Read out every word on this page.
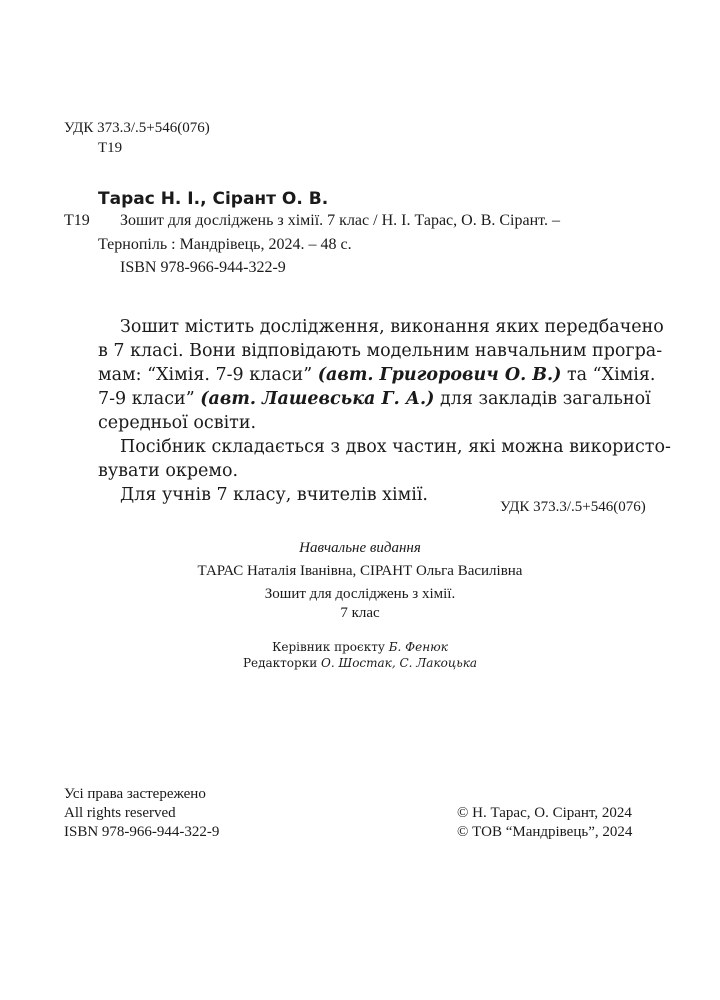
УДК 373.3/.5+546(076)
Т19
Тарас Н. І., Сірант О. В.
Т19 Зошит для досліджень з хімії. 7 клас / Н. І. Тарас, О. В. Сірант. –
Тернопіль : Мандрівець, 2024. – 48 с.
ISBN 978-966-944-322-9
Зошит містить дослідження, виконання яких передбачено
в 7 класі. Вони відповідають модельним навчальним програ-
мам: “Хімія. 7-9 класи” (авт. Григорович О. В.) та “Хімія.
7-9 класи” (авт. Лашевська Г. А.) для закладів загальної
середньої освіти.
Посібник складається з двох частин, які можна використо-
вувати окремо.
Для учнів 7 класу, вчителів хімії.
УДК 373.3/.5+546(076)
Навчальне видання
ТАРАС Наталія Іванівна, СІРАНТ Ольга Василівна
Зошит для досліджень з хімії.
7 клас
Керівник проєкту Б. Фенюк
Редакторки О. Шостак, С. Лакоцька
Усі права застережено
All rights reserved
ISBN 978-966-944-322-9
© Н. Тарас, О. Сірант, 2024
© ТОВ “Мандрівець”, 2024
